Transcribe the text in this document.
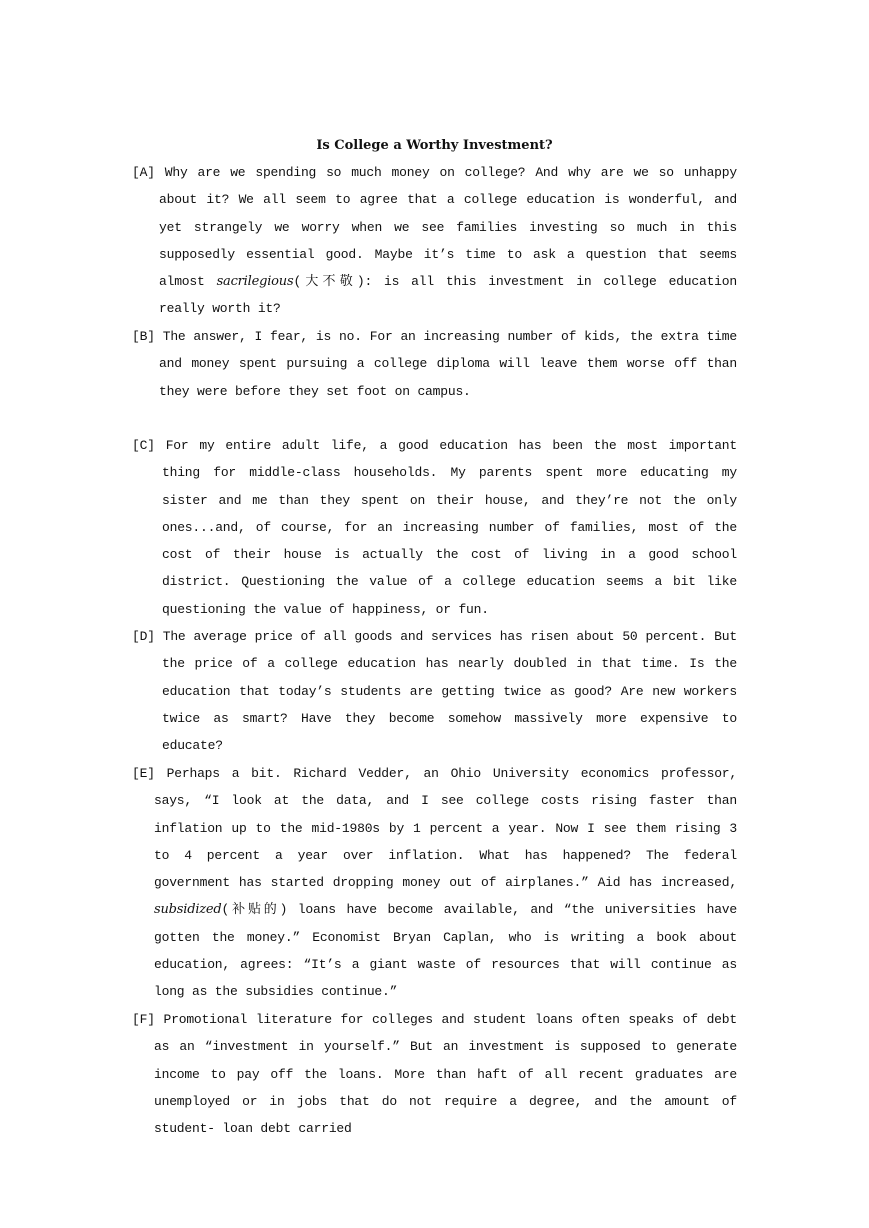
Is College a Worthy Investment?
[A] Why are we spending so much money on college? And why are we so unhappy about it? We all seem to agree that a college education is wonderful, and yet strangely we worry when we see families investing so much in this supposedly essential good. Maybe it’s time to ask a question that seems almost sacrilegious(大不敬): is all this investment in college education really worth it?
[B] The answer, I fear, is no. For an increasing number of kids, the extra time and money spent pursuing a college diploma will leave them worse off than they were before they set foot on campus.
[C] For my entire adult life, a good education has been the most important thing for middle-class households. My parents spent more educating my sister and me than they spent on their house, and they’re not the only ones...and, of course, for an increasing number of families, most of the cost of their house is actually the cost of living in a good school district. Questioning the value of a college education seems a bit like questioning the value of happiness, or fun.
[D] The average price of all goods and services has risen about 50 percent. But the price of a college education has nearly doubled in that time. Is the education that today’s students are getting twice as good? Are new workers twice as smart? Have they become somehow massively more expensive to educate?
[E] Perhaps a bit. Richard Vedder, an Ohio University economics professor, says, “I look at the data, and I see college costs rising faster than inflation up to the mid-1980s by 1 percent a year. Now I see them rising 3 to 4 percent a year over inflation. What has happened? The federal government has started dropping money out of airplanes.” Aid has increased, subsidized(补贴的) loans have become available, and “the universities have gotten the money.” Economist Bryan Caplan, who is writing a book about education, agrees: “It’s a giant waste of resources that will continue as long as the subsidies continue.”
[F] Promotional literature for colleges and student loans often speaks of debt as an “investment in yourself.” But an investment is supposed to generate income to pay off the loans. More than haft of all recent graduates are unemployed or in jobs that do not require a degree, and the amount of student- loan debt carried
